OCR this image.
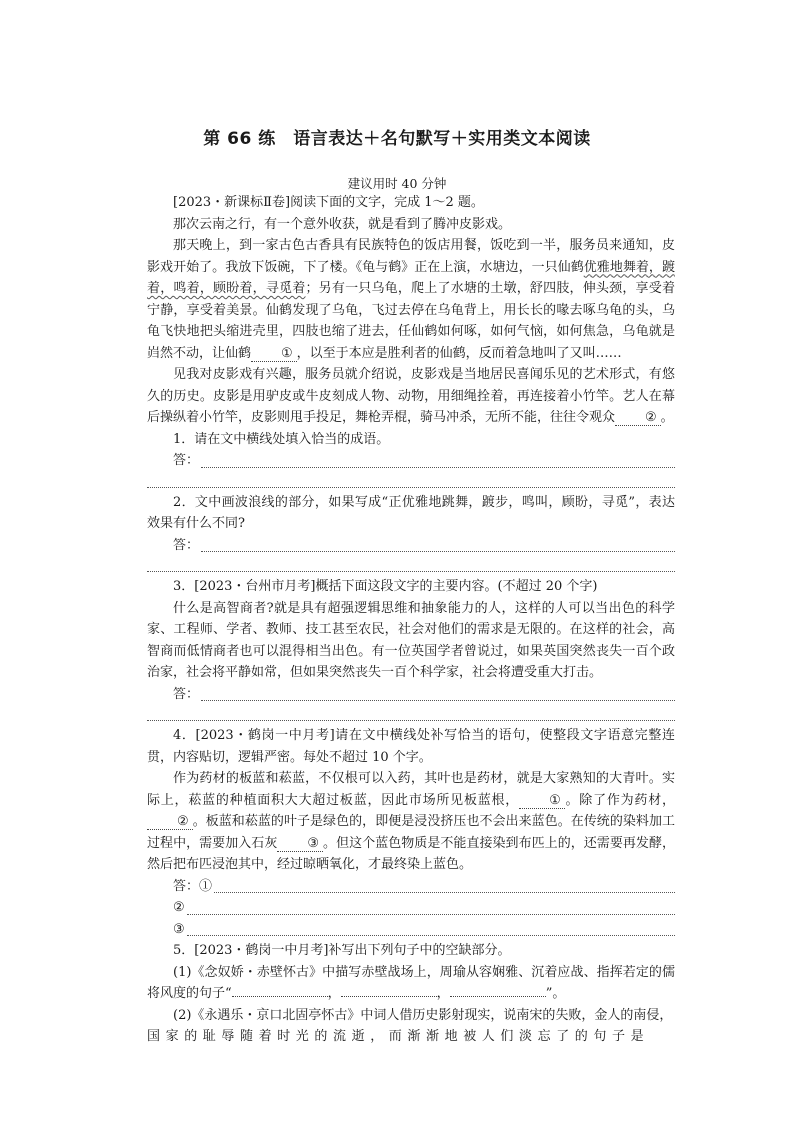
第 66 练　语言表达＋名句默写＋实用类文本阅读
建议用时 40 分钟

[2023・新课标Ⅱ卷]阅读下面的文字，完成 1～2 题。

那次云南之行，有一个意外收获，就是看到了腾冲皮影戏。

那天晚上，到一家古色古香具有民族特色的饭店用餐，饭吃到一半，服务员来通知，皮影戏开始了。我放下饭碗，下了楼。《龟与鹤》正在上演，水塘边，一只仙鹤优雅地舞着，踱着，鸣着，顾盼着，寻觅着；另有一只乌龟，爬上了水塘的土墩，舒四肢，伸头颈，享受着宁静，享受着美景。仙鹤发现了乌龟，飞过去停在乌龟背上，用长长的喙去啄乌龟的头，乌龟飞快地把头缩进壳里，四肢也缩了进去，任仙鹤如何啄，如何气恼，如何焦急，乌龟就是岿然不动，让仙鹤 ① ，以至于本应是胜利者的仙鹤，反而着急地叫了又叫……

见我对皮影戏有兴趣，服务员就介绍说，皮影戏是当地居民喜闻乐见的艺术形式，有悠久的历史。皮影是用驴皮或牛皮刻成人物、动物，用细绳拴着，再连接着小竹竿。艺人在幕后操纵着小竹竿，皮影则甩手投足，舞枪弄棍，骑马冲杀，无所不能，往往令观众 ② 。

1．请在文中横线处填入恰当的成语。

答：

2．文中画波浪线的部分，如果写成“正优雅地跳舞，踱步，鸣叫，顾盼，寻觅”，表达效果有什么不同?

答：

3．[2023・台州市月考]概括下面这段文字的主要内容。(不超过 20 个字)

什么是高智商者?就是具有超强逻辑思维和抽象能力的人，这样的人可以当出色的科学家、工程师、学者、教师、技工甚至农民，社会对他们的需求是无限的。在这样的社会，高智商而低情商者也可以混得相当出色。有一位英国学者曾说过，如果英国突然丧失一百个政治家，社会将平静如常，但如果突然丧失一百个科学家，社会将遭受重大打击。

答：

4．[2023・鹤岗一中月考]请在文中横线处补写恰当的语句，使整段文字语意完整连贯，内容贴切，逻辑严密。每处不超过 10 个字。

作为药材的板蓝和菘蓝，不仅根可以入药，其叶也是药材，就是大家熟知的大青叶。实际上，菘蓝的种植面积大大超过板蓝，因此市场所见板蓝根， ① 。除了作为药材，② 。板蓝和菘蓝的叶子是绿色的，即便是浸没挤压也不会出来蓝色。在传统的染料加工过程中，需要加入石灰 ③ 。但这个蓝色物质是不能直接染到布匹上的，还需要再发酵，然后把布匹浸泡其中，经过晾晒氧化，才最终染上蓝色。

答：①
②
③

5．[2023・鹤岗一中月考]补写出下列句子中的空缺部分。

(1)《念奴娇・赤壁怀古》中描写赤壁战场上，周瑜从容娴雅、沉着应战、指挥若定的儒将风度的句子“	，	，	”。

(2)《永遇乐・京口北固亭怀古》中词人借历史影射现实，说南宋的失败，金人的南侵，

国家的耻辱随着时光的流逝，而渐渐地被人们淡忘了的句子是
